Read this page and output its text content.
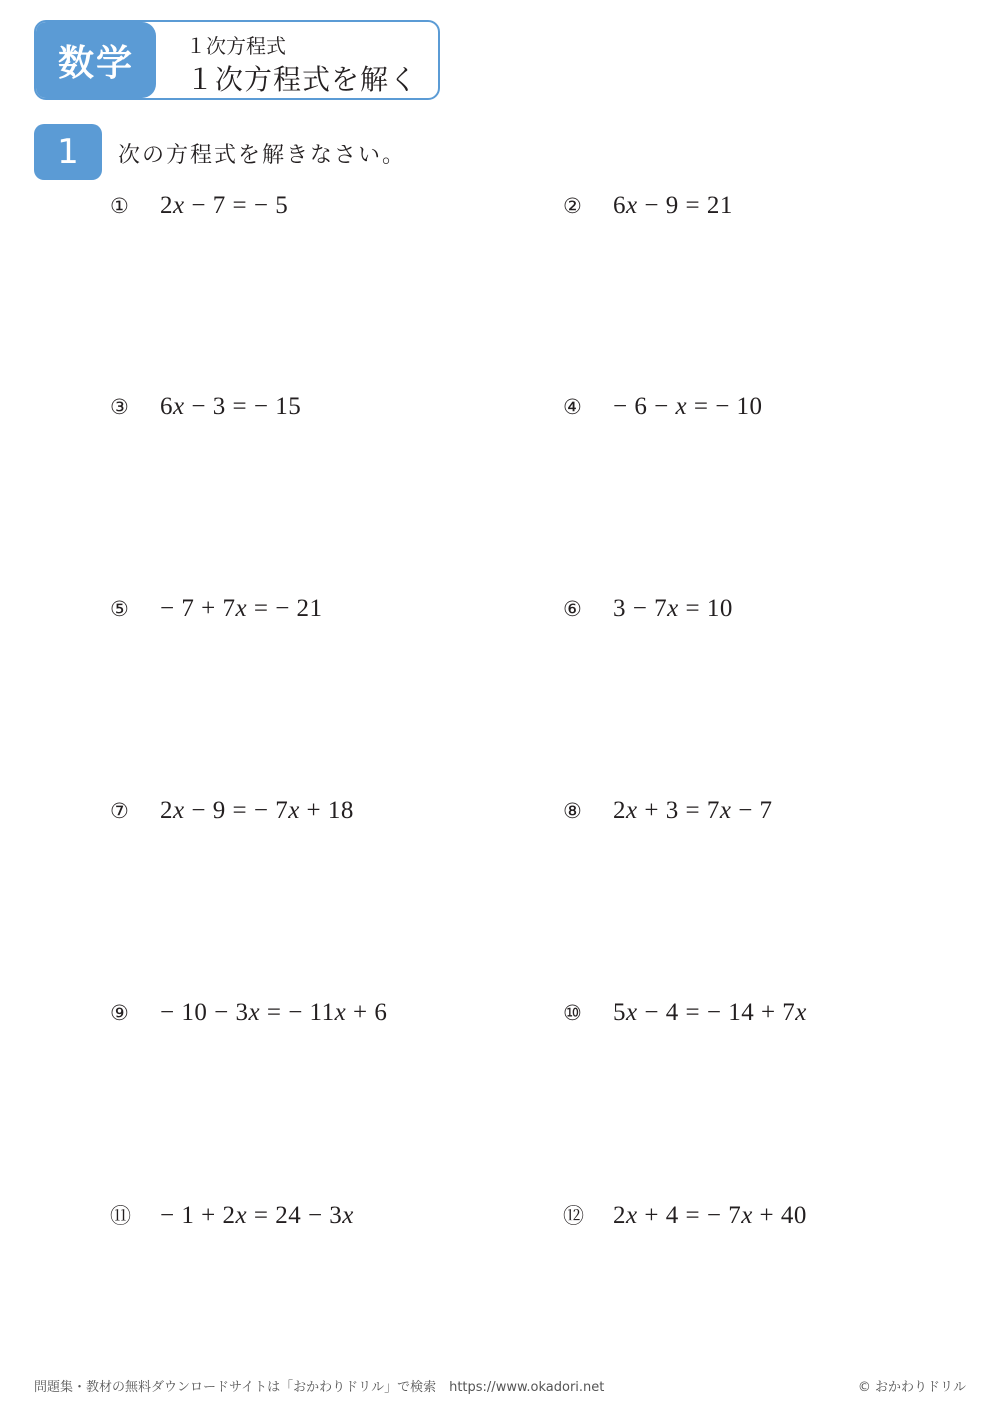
数学	１次方程式
１次方程式を解く
1	次の方程式を解きなさい。
①	2x − 7 = − 5	②	6x − 9 = 21
③	6x − 3 = − 15	④	− 6 − x = − 10
⑤	− 7 + 7x = − 21	⑥	3 − 7x = 10
⑦	2x − 9 = − 7x + 18	⑧	2x + 3 = 7x − 7
⑨	− 10 − 3x = − 11x + 6	⑩	5x − 4 = − 14 + 7x
⑪	− 1 + 2x = 24 − 3x	⑫	2x + 4 = − 7x + 40
問題集・教材の無料ダウンロードサイトは「おかわりドリル」で検索　https://www.okadori.net	© おかわりドリル
